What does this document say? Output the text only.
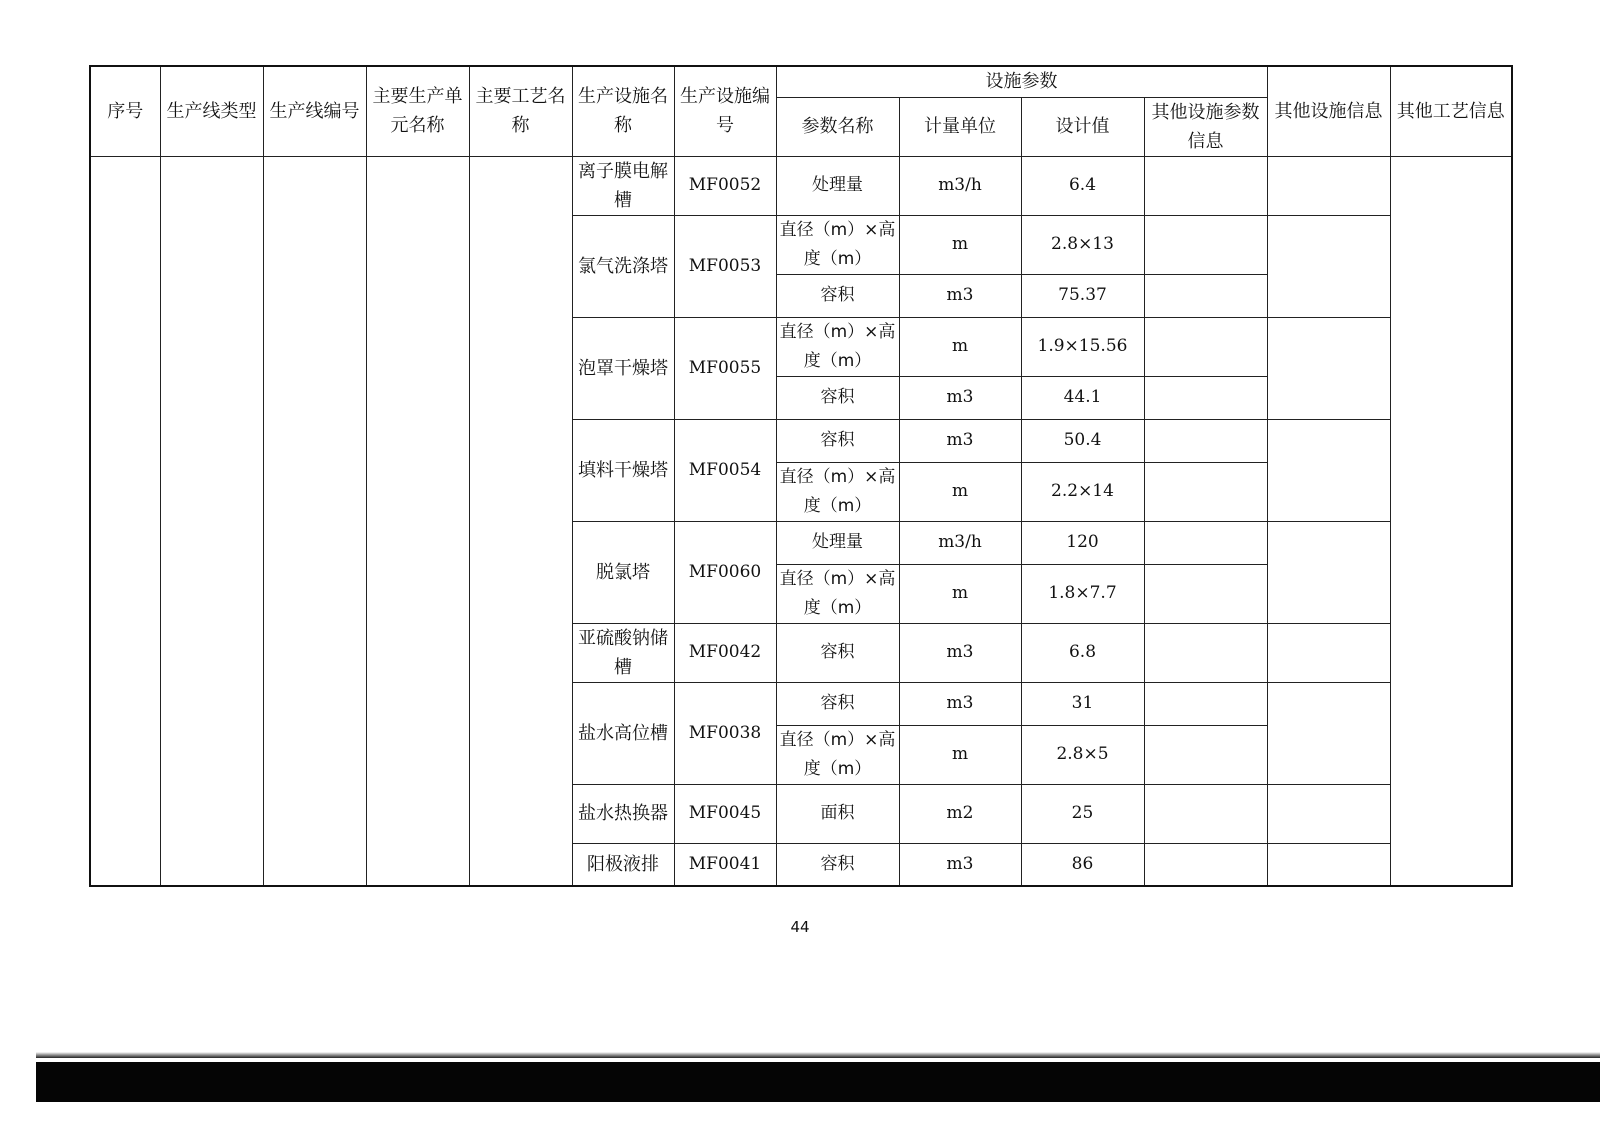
序号	生产线类型	生产线编号	主要生产单元名称	主要工艺名称	生产设施名称	生产设施编号	设施参数				其他设施信息	其他工艺信息
							参数名称	计量单位	设计值	其他设施参数信息		
					离子膜电解槽	MF0052	处理量	m3/h	6.4			
					氯气洗涤塔	MF0053	直径（m）×高度（m）	m	2.8×13			
							容积	m3	75.37			
					泡罩干燥塔	MF0055	直径（m）×高度（m）	m	1.9×15.56			
							容积	m3	44.1			
					填料干燥塔	MF0054	容积	m3	50.4			
							直径（m）×高度（m）	m	2.2×14			
					脱氯塔	MF0060	处理量	m3/h	120			
							直径（m）×高度（m）	m	1.8×7.7			
					亚硫酸钠储槽	MF0042	容积	m3	6.8			
					盐水高位槽	MF0038	容积	m3	31			
							直径（m）×高度（m）	m	2.8×5			
					盐水热换器	MF0045	面积	m2	25			
					阳极液排	MF0041	容积	m3	86			
44
